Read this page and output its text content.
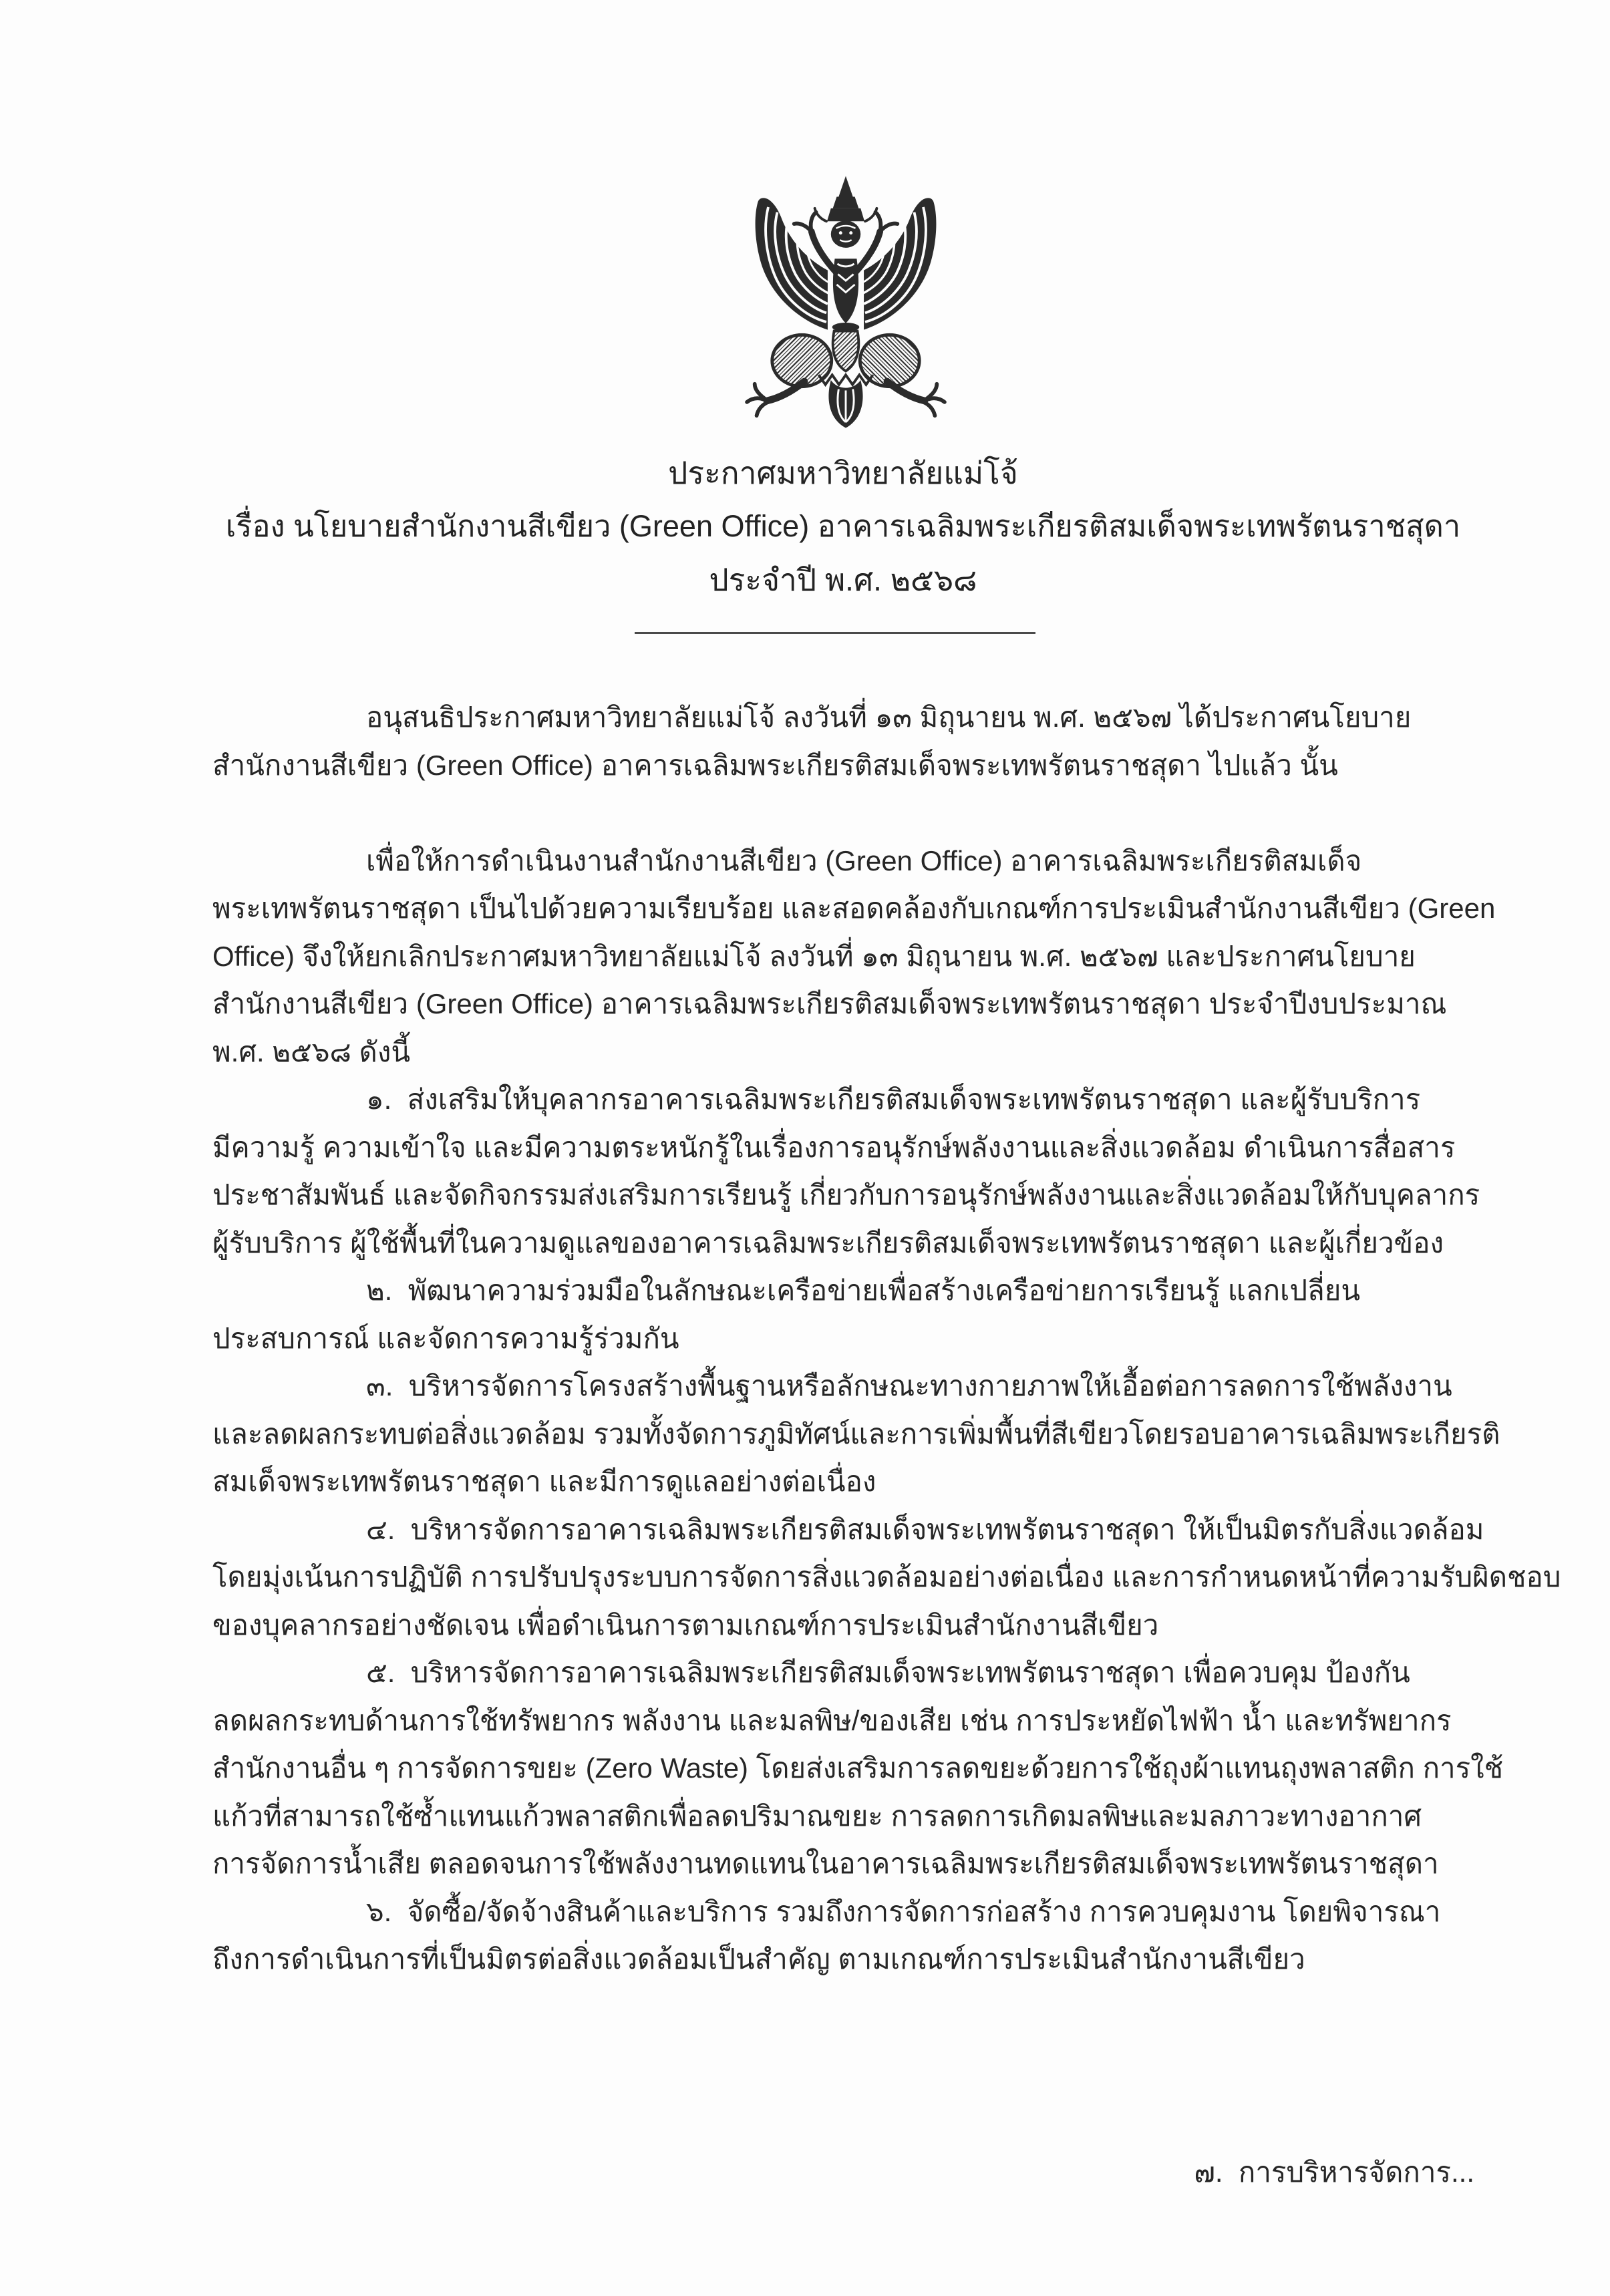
ประกาศมหาวิทยาลัยแม่โจ้
เรื่อง นโยบายสำนักงานสีเขียว (Green Office) อาคารเฉลิมพระเกียรติสมเด็จพระเทพรัตนราชสุดา
ประจำปี พ.ศ. ๒๕๖๘
อนุสนธิประกาศมหาวิทยาลัยแม่โจ้ ลงวันที่ ๑๓ มิถุนายน พ.ศ. ๒๕๖๗ ได้ประกาศนโยบาย
สำนักงานสีเขียว (Green Office) อาคารเฉลิมพระเกียรติสมเด็จพระเทพรัตนราชสุดา ไปแล้ว นั้น
เพื่อให้การดำเนินงานสำนักงานสีเขียว (Green Office) อาคารเฉลิมพระเกียรติสมเด็จ
พระเทพรัตนราชสุดา เป็นไปด้วยความเรียบร้อย และสอดคล้องกับเกณฑ์การประเมินสำนักงานสีเขียว (Green
Office) จึงให้ยกเลิกประกาศมหาวิทยาลัยแม่โจ้ ลงวันที่ ๑๓ มิถุนายน พ.ศ. ๒๕๖๗ และประกาศนโยบาย
สำนักงานสีเขียว (Green Office) อาคารเฉลิมพระเกียรติสมเด็จพระเทพรัตนราชสุดา ประจำปีงบประมาณ
พ.ศ. ๒๕๖๘ ดังนี้
๑.  ส่งเสริมให้บุคลากรอาคารเฉลิมพระเกียรติสมเด็จพระเทพรัตนราชสุดา และผู้รับบริการ
มีความรู้ ความเข้าใจ และมีความตระหนักรู้ในเรื่องการอนุรักษ์พลังงานและสิ่งแวดล้อม ดำเนินการสื่อสาร
ประชาสัมพันธ์ และจัดกิจกรรมส่งเสริมการเรียนรู้ เกี่ยวกับการอนุรักษ์พลังงานและสิ่งแวดล้อมให้กับบุคลากร
ผู้รับบริการ ผู้ใช้พื้นที่ในความดูแลของอาคารเฉลิมพระเกียรติสมเด็จพระเทพรัตนราชสุดา และผู้เกี่ยวข้อง
๒.  พัฒนาความร่วมมือในลักษณะเครือข่ายเพื่อสร้างเครือข่ายการเรียนรู้ แลกเปลี่ยน
ประสบการณ์ และจัดการความรู้ร่วมกัน
๓.  บริหารจัดการโครงสร้างพื้นฐานหรือลักษณะทางกายภาพให้เอื้อต่อการลดการใช้พลังงาน
และลดผลกระทบต่อสิ่งแวดล้อม รวมทั้งจัดการภูมิทัศน์และการเพิ่มพื้นที่สีเขียวโดยรอบอาคารเฉลิมพระเกียรติ
สมเด็จพระเทพรัตนราชสุดา และมีการดูแลอย่างต่อเนื่อง
๔.  บริหารจัดการอาคารเฉลิมพระเกียรติสมเด็จพระเทพรัตนราชสุดา ให้เป็นมิตรกับสิ่งแวดล้อม
โดยมุ่งเน้นการปฏิบัติ การปรับปรุงระบบการจัดการสิ่งแวดล้อมอย่างต่อเนื่อง และการกำหนดหน้าที่ความรับผิดชอบ
ของบุคลากรอย่างชัดเจน เพื่อดำเนินการตามเกณฑ์การประเมินสำนักงานสีเขียว
๕.  บริหารจัดการอาคารเฉลิมพระเกียรติสมเด็จพระเทพรัตนราชสุดา เพื่อควบคุม ป้องกัน
ลดผลกระทบด้านการใช้ทรัพยากร พลังงาน และมลพิษ/ของเสีย เช่น การประหยัดไฟฟ้า น้ำ และทรัพยากร
สำนักงานอื่น ๆ การจัดการขยะ (Zero Waste) โดยส่งเสริมการลดขยะด้วยการใช้ถุงผ้าแทนถุงพลาสติก การใช้
แก้วที่สามารถใช้ซ้ำแทนแก้วพลาสติกเพื่อลดปริมาณขยะ การลดการเกิดมลพิษและมลภาวะทางอากาศ
การจัดการน้ำเสีย ตลอดจนการใช้พลังงานทดแทนในอาคารเฉลิมพระเกียรติสมเด็จพระเทพรัตนราชสุดา
๖.  จัดซื้อ/จัดจ้างสินค้าและบริการ รวมถึงการจัดการก่อสร้าง การควบคุมงาน โดยพิจารณา
ถึงการดำเนินการที่เป็นมิตรต่อสิ่งแวดล้อมเป็นสำคัญ ตามเกณฑ์การประเมินสำนักงานสีเขียว
๗.  การบริหารจัดการ...
